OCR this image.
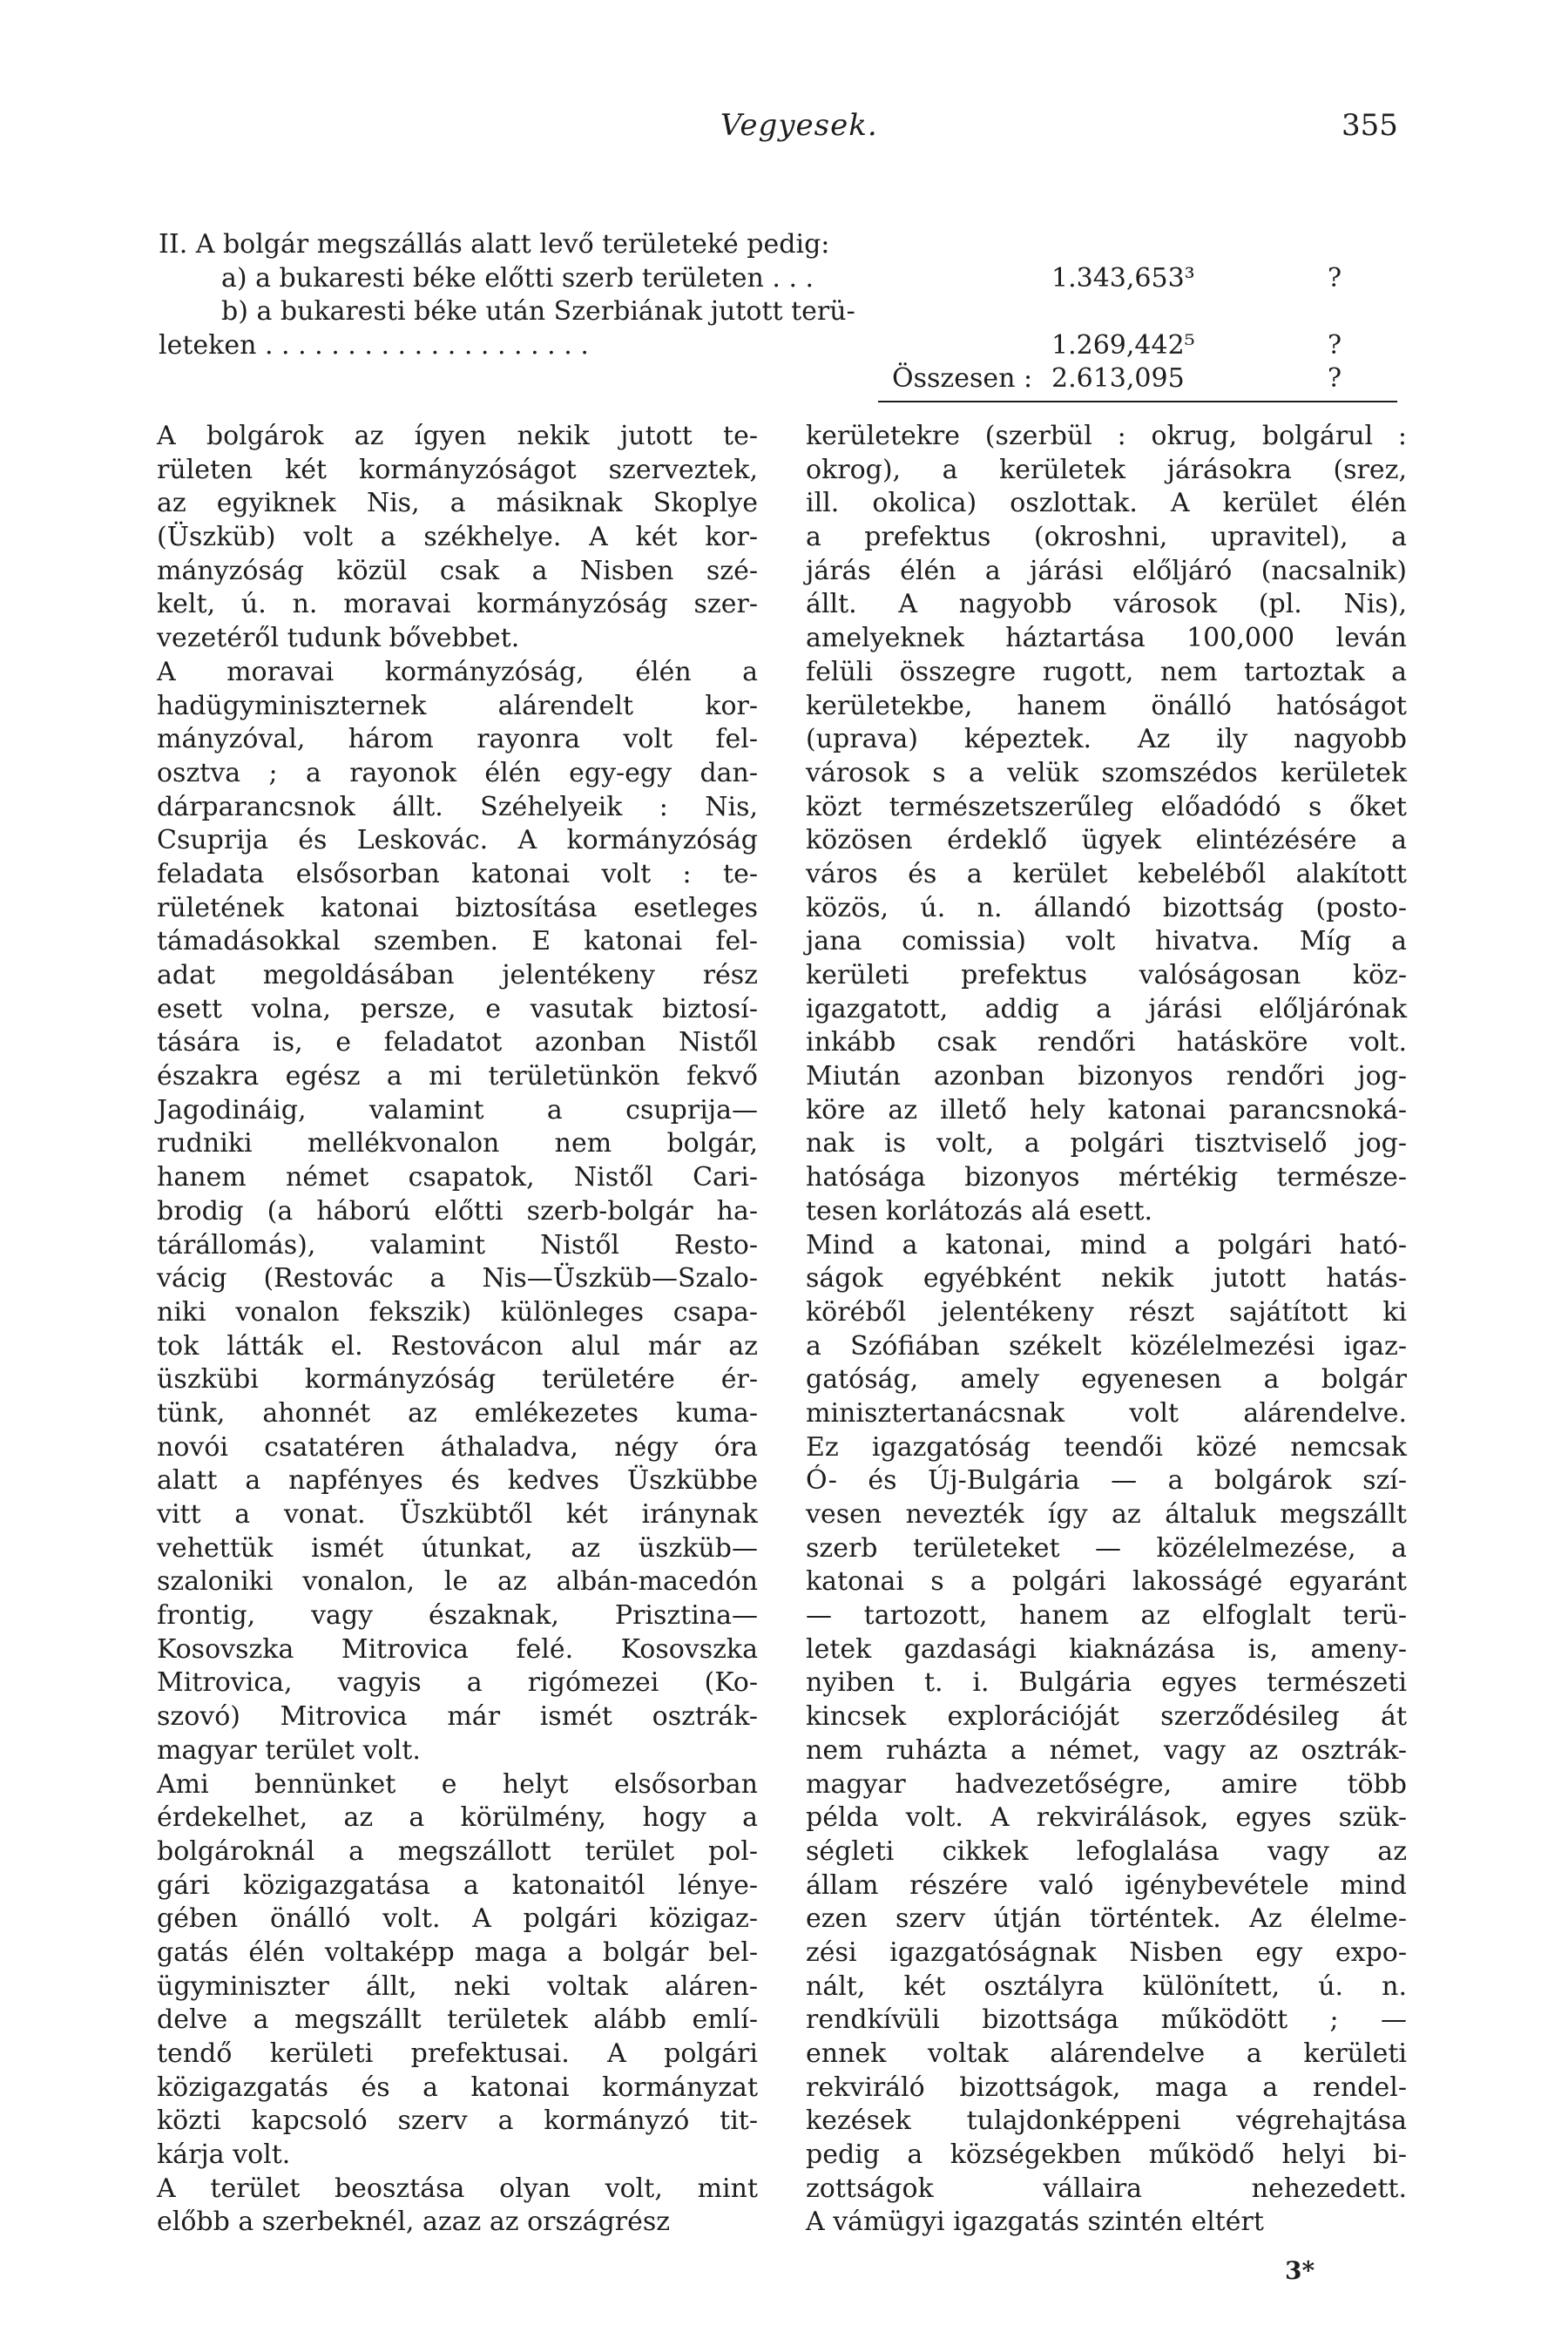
Vegyesek.	355
II. A bolgár megszállás alatt levő területeké pedig:
a) a bukaresti béke előtti szerb területen . . .	1.343,653³	?
b) a bukaresti béke után Szerbiának jutott terü-
leteken . . . . . . . . . . . . . . . . . . . .	1.269,442⁵	?
Összesen : 2.613,095	?
A bolgárok az ígyen nekik jutott te-
rületen két kormányzóságot szerveztek,
az egyiknek Nis, a másiknak Skoplye
(Üszküb) volt a székhelye. A két kor-
mányzóság közül csak a Nisben szé-
kelt, ú. n. moravai kormányzóság szer-
vezetéről tudunk bővebbet.
A moravai kormányzóság, élén a
hadügyminiszternek alárendelt kor-
mányzóval, három rayonra volt fel-
osztva ; a rayonok élén egy-egy dan-
dárparancsnok állt. Széhelyeik : Nis,
Csuprija és Leskovác. A kormányzóság
feladata elsősorban katonai volt : te-
rületének katonai biztosítása esetleges
támadásokkal szemben. E katonai fel-
adat megoldásában jelentékeny rész
esett volna, persze, e vasutak biztosí-
tására is, e feladatot azonban Nistől
északra egész a mi területünkön fekvő
Jagodináig, valamint a csuprija—
rudniki mellékvonalon nem bolgár,
hanem német csapatok, Nistől Cari-
brodig (a háború előtti szerb-bolgár ha-
tárállomás), valamint Nistől Resto-
vácig (Restovác a Nis—Üszküb—Szalo-
niki vonalon fekszik) különleges csapa-
tok látták el. Restovácon alul már az
üszkübi kormányzóság területére ér-
tünk, ahonnét az emlékezetes kuma-
novói csatatéren áthaladva, négy óra
alatt a napfényes és kedves Üszkübbe
vitt a vonat. Üszkübtől két iránynak
vehettük ismét útunkat, az üszküb—
szaloniki vonalon, le az albán-macedón
frontig, vagy északnak, Prisztina—
Kosovszka Mitrovica felé. Kosovszka
Mitrovica, vagyis a rigómezei (Ko-
szovó) Mitrovica már ismét osztrák-
magyar terület volt.
Ami bennünket e helyt elsősorban
érdekelhet, az a körülmény, hogy a
bolgároknál a megszállott terület pol-
gári közigazgatása a katonaitól lénye-
gében önálló volt. A polgári közigaz-
gatás élén voltaképp maga a bolgár bel-
ügyminiszter állt, neki voltak aláren-
delve a megszállt területek alább emlí-
tendő kerületi prefektusai. A polgári
közigazgatás és a katonai kormányzat
közti kapcsoló szerv a kormányzó tit-
kárja volt.
A terület beosztása olyan volt, mint
előbb a szerbeknél, azaz az országrész
kerületekre (szerbül : okrug, bolgárul :
okrog), a kerületek járásokra (srez,
ill. okolica) oszlottak. A kerület élén
a prefektus (okroshni, upravitel), a
járás élén a járási előljáró (nacsalnik)
állt. A nagyobb városok (pl. Nis),
amelyeknek háztartása 100,000 leván
felüli összegre rugott, nem tartoztak a
kerületekbe, hanem önálló hatóságot
(uprava) képeztek. Az ily nagyobb
városok s a velük szomszédos kerületek
közt természetszerűleg előadódó s őket
közösen érdeklő ügyek elintézésére a
város és a kerület kebeléből alakított
közös, ú. n. állandó bizottság (posto-
jana comissia) volt hivatva. Míg a
kerületi prefektus valóságosan köz-
igazgatott, addig a járási előljárónak
inkább csak rendőri hatásköre volt.
Miután azonban bizonyos rendőri jog-
köre az illető hely katonai parancsnoká-
nak is volt, a polgári tisztviselő jog-
hatósága bizonyos mértékig természe-
tesen korlátozás alá esett.
Mind a katonai, mind a polgári ható-
ságok egyébként nekik jutott hatás-
köréből jelentékeny részt sajátított ki
a Szófiában székelt közélelmezési igaz-
gatóság, amely egyenesen a bolgár
minisztertanácsnak volt alárendelve.
Ez igazgatóság teendői közé nemcsak
Ó- és Új-Bulgária — a bolgárok szí-
vesen nevezték így az általuk megszállt
szerb területeket — közélelmezése, a
katonai s a polgári lakosságé egyaránt
— tartozott, hanem az elfoglalt terü-
letek gazdasági kiaknázása is, ameny-
nyiben t. i. Bulgária egyes természeti
kincsek explorációját szerződésileg át
nem ruházta a német, vagy az osztrák-
magyar hadvezetőségre, amire több
példa volt. A rekvirálások, egyes szük-
ségleti cikkek lefoglalása vagy az
állam részére való igénybevétele mind
ezen szerv útján történtek. Az élelme-
zési igazgatóságnak Nisben egy expo-
nált, két osztályra különített, ú. n.
rendkívüli bizottsága működött ; —
ennek voltak alárendelve a kerületi
rekviráló bizottságok, maga a rendel-
kezések tulajdonképpeni végrehajtása
pedig a községekben működő helyi bi-
zottságok vállaira nehezedett.
A vámügyi igazgatás szintén eltért
3*
